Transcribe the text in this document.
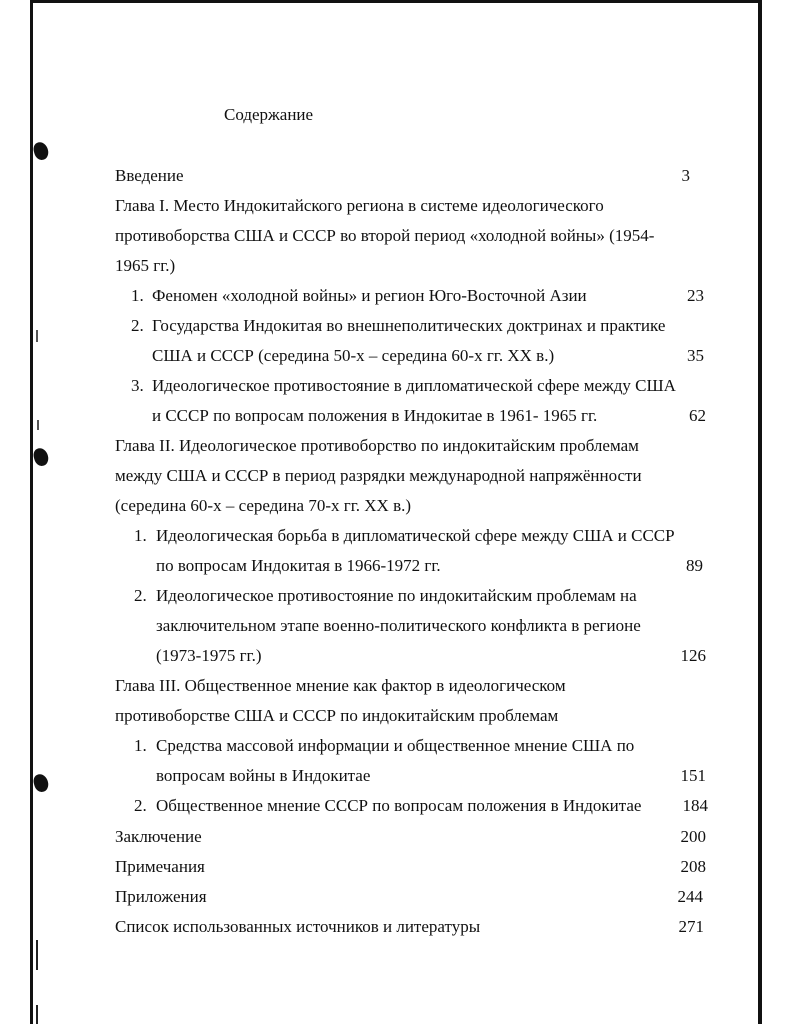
Содержание
Введение	3
Глава I. Место Индокитайского региона в системе идеологического
противоборства США и СССР во второй период «холодной войны» (1954-
1965 гг.)
1. Феномен «холодной войны» и регион Юго-Восточной Азии	23
2. Государства Индокитая во внешнеполитических доктринах и практике
США и СССР (середина 50-х – середина 60-х гг. XX в.)	35
3. Идеологическое противостояние в дипломатической сфере между США
и СССР по вопросам положения в Индокитае в 1961- 1965 гг.	62
Глава II. Идеологическое противоборство по индокитайским проблемам
между США и СССР в период разрядки международной напряжённости
(середина 60-х – середина 70-х гг. XX в.)
1. Идеологическая борьба в дипломатической сфере между США и СССР
по вопросам Индокитая в 1966-1972 гг.	89
2. Идеологическое противостояние по индокитайским проблемам на
заключительном этапе военно-политического конфликта в регионе
(1973-1975 гг.)	126
Глава III. Общественное мнение как фактор в идеологическом
противоборстве США и СССР по индокитайским проблемам
1. Средства массовой информации и общественное мнение США по
вопросам войны в Индокитае	151
2. Общественное мнение СССР по вопросам положения в Индокитае	184
Заключение	200
Примечания	208
Приложения	244
Список использованных источников и литературы	271
